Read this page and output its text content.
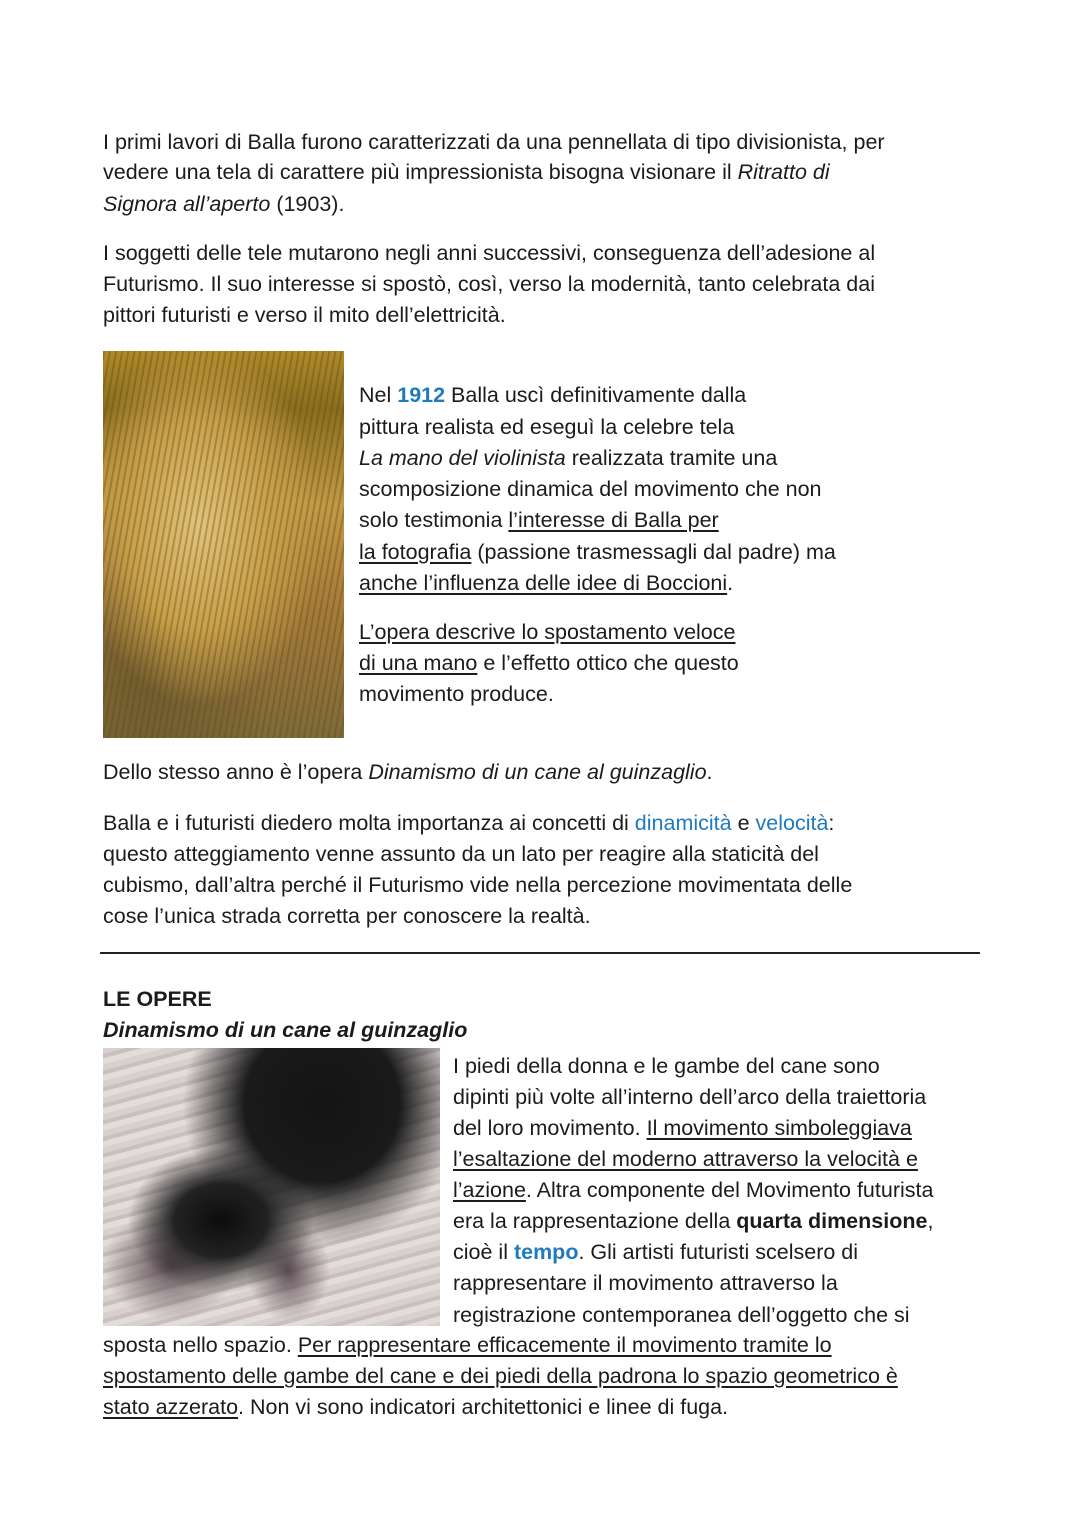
I primi lavori di Balla furono caratterizzati da una pennellata di tipo divisionista, per
vedere una tela di carattere più impressionista bisogna visionare il Ritratto di
Signora all’aperto (1903).
I soggetti delle tele mutarono negli anni successivi, conseguenza dell’adesione al
Futurismo. Il suo interesse si spostò, così, verso la modernità, tanto celebrata dai
pittori futuristi e verso il mito dell’elettricità.
Nel 1912 Balla uscì definitivamente dalla
pittura realista ed eseguì la celebre tela
La mano del violinista realizzata tramite una
scomposizione dinamica del movimento che non
solo testimonia l’interesse di Balla per
la fotografia (passione trasmessagli dal padre) ma
anche l’influenza delle idee di Boccioni.
L’opera descrive lo spostamento veloce
di una mano e l’effetto ottico che questo
movimento produce.
Dello stesso anno è l’opera Dinamismo di un cane al guinzaglio.
Balla e i futuristi diedero molta importanza ai concetti di dinamicità e velocità:
questo atteggiamento venne assunto da un lato per reagire alla staticità del
cubismo, dall’altra perché il Futurismo vide nella percezione movimentata delle
cose l’unica strada corretta per conoscere la realtà.
LE OPERE
Dinamismo di un cane al guinzaglio
I piedi della donna e le gambe del cane sono
dipinti più volte all’interno dell’arco della traiettoria
del loro movimento. Il movimento simboleggiava
l’esaltazione del moderno attraverso la velocità e
l’azione. Altra componente del Movimento futurista
era la rappresentazione della quarta dimensione,
cioè il tempo. Gli artisti futuristi scelsero di
rappresentare il movimento attraverso la
registrazione contemporanea dell’oggetto che si
sposta nello spazio. Per rappresentare efficacemente il movimento tramite lo
spostamento delle gambe del cane e dei piedi della padrona lo spazio geometrico è
stato azzerato. Non vi sono indicatori architettonici e linee di fuga.
